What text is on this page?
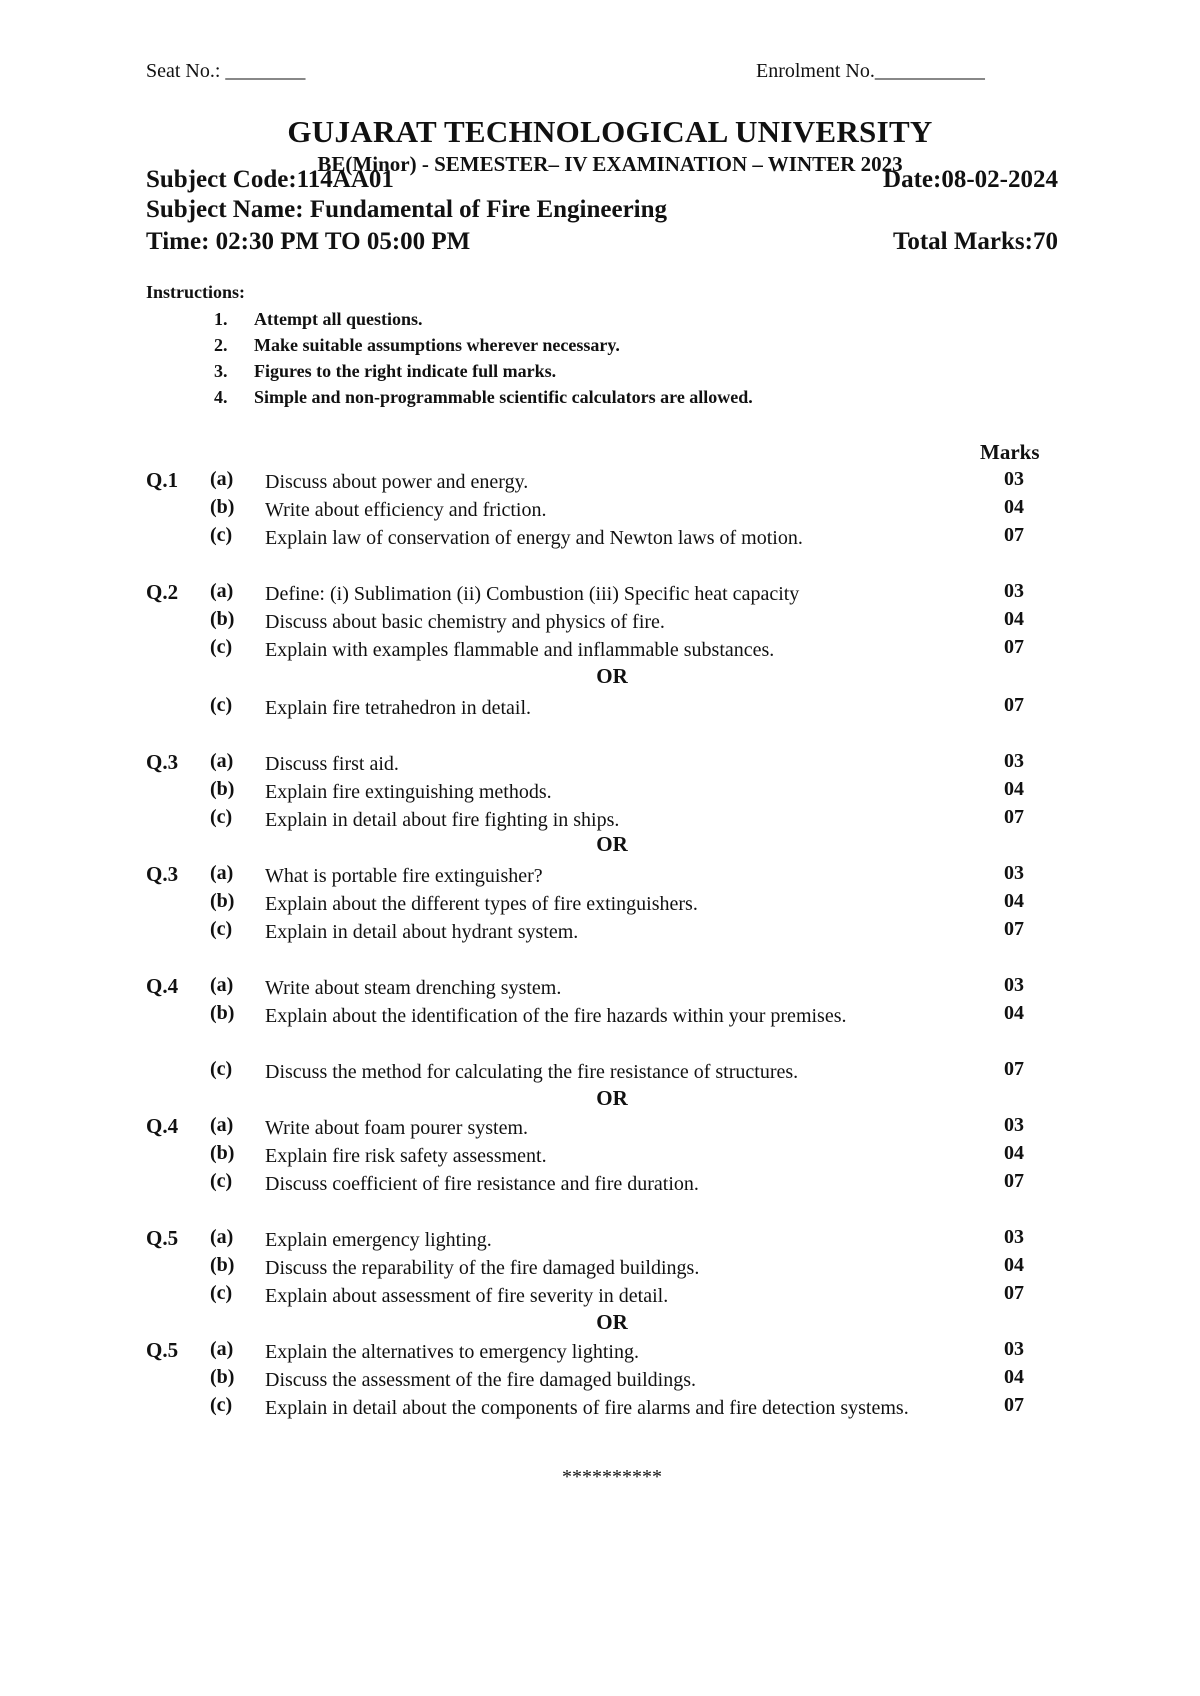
Seat No.: ________	Enrolment No.___________
GUJARAT TECHNOLOGICAL UNIVERSITY
BE(Minor) - SEMESTER– IV EXAMINATION – WINTER 2023
Subject Code:114AA01	Date:08-02-2024
Subject Name: Fundamental of Fire Engineering
Time: 02:30 PM TO 05:00 PM	Total Marks:70
Instructions:
1. Attempt all questions.
2. Make suitable assumptions wherever necessary.
3. Figures to the right indicate full marks.
4. Simple and non-programmable scientific calculators are allowed.
Marks
Q.1 (a) Discuss about power and energy.	03
(b) Write about efficiency and friction.	04
(c) Explain law of conservation of energy and Newton laws of motion.	07
Q.2 (a) Define: (i) Sublimation (ii) Combustion (iii) Specific heat capacity	03
(b) Discuss about basic chemistry and physics of fire.	04
(c) Explain with examples flammable and inflammable substances.	07
(c) Explain fire tetrahedron in detail.	07
Q.3 (a) Discuss first aid.	03
(b) Explain fire extinguishing methods.	04
(c) Explain in detail about fire fighting in ships.	07
Q.3 (a) What is portable fire extinguisher?	03
(b) Explain about the different types of fire extinguishers.	04
(c) Explain in detail about hydrant system.	07
Q.4 (a) Write about steam drenching system.	03
(b) Explain about the identification of the fire hazards within your premises.	04
(c) Discuss the method for calculating the fire resistance of structures.	07
Q.4 (a) Write about foam pourer system.	03
(b) Explain fire risk safety assessment.	04
(c) Discuss coefficient of fire resistance and fire duration.	07
Q.5 (a) Explain emergency lighting.	03
(b) Discuss the reparability of the fire damaged buildings.	04
(c) Explain about assessment of fire severity in detail.	07
Q.5 (a) Explain the alternatives to emergency lighting.	03
(b) Discuss the assessment of the fire damaged buildings.	04
(c) Explain in detail about the components of fire alarms and fire detection systems.	07
OR
OR
OR
OR
**********
